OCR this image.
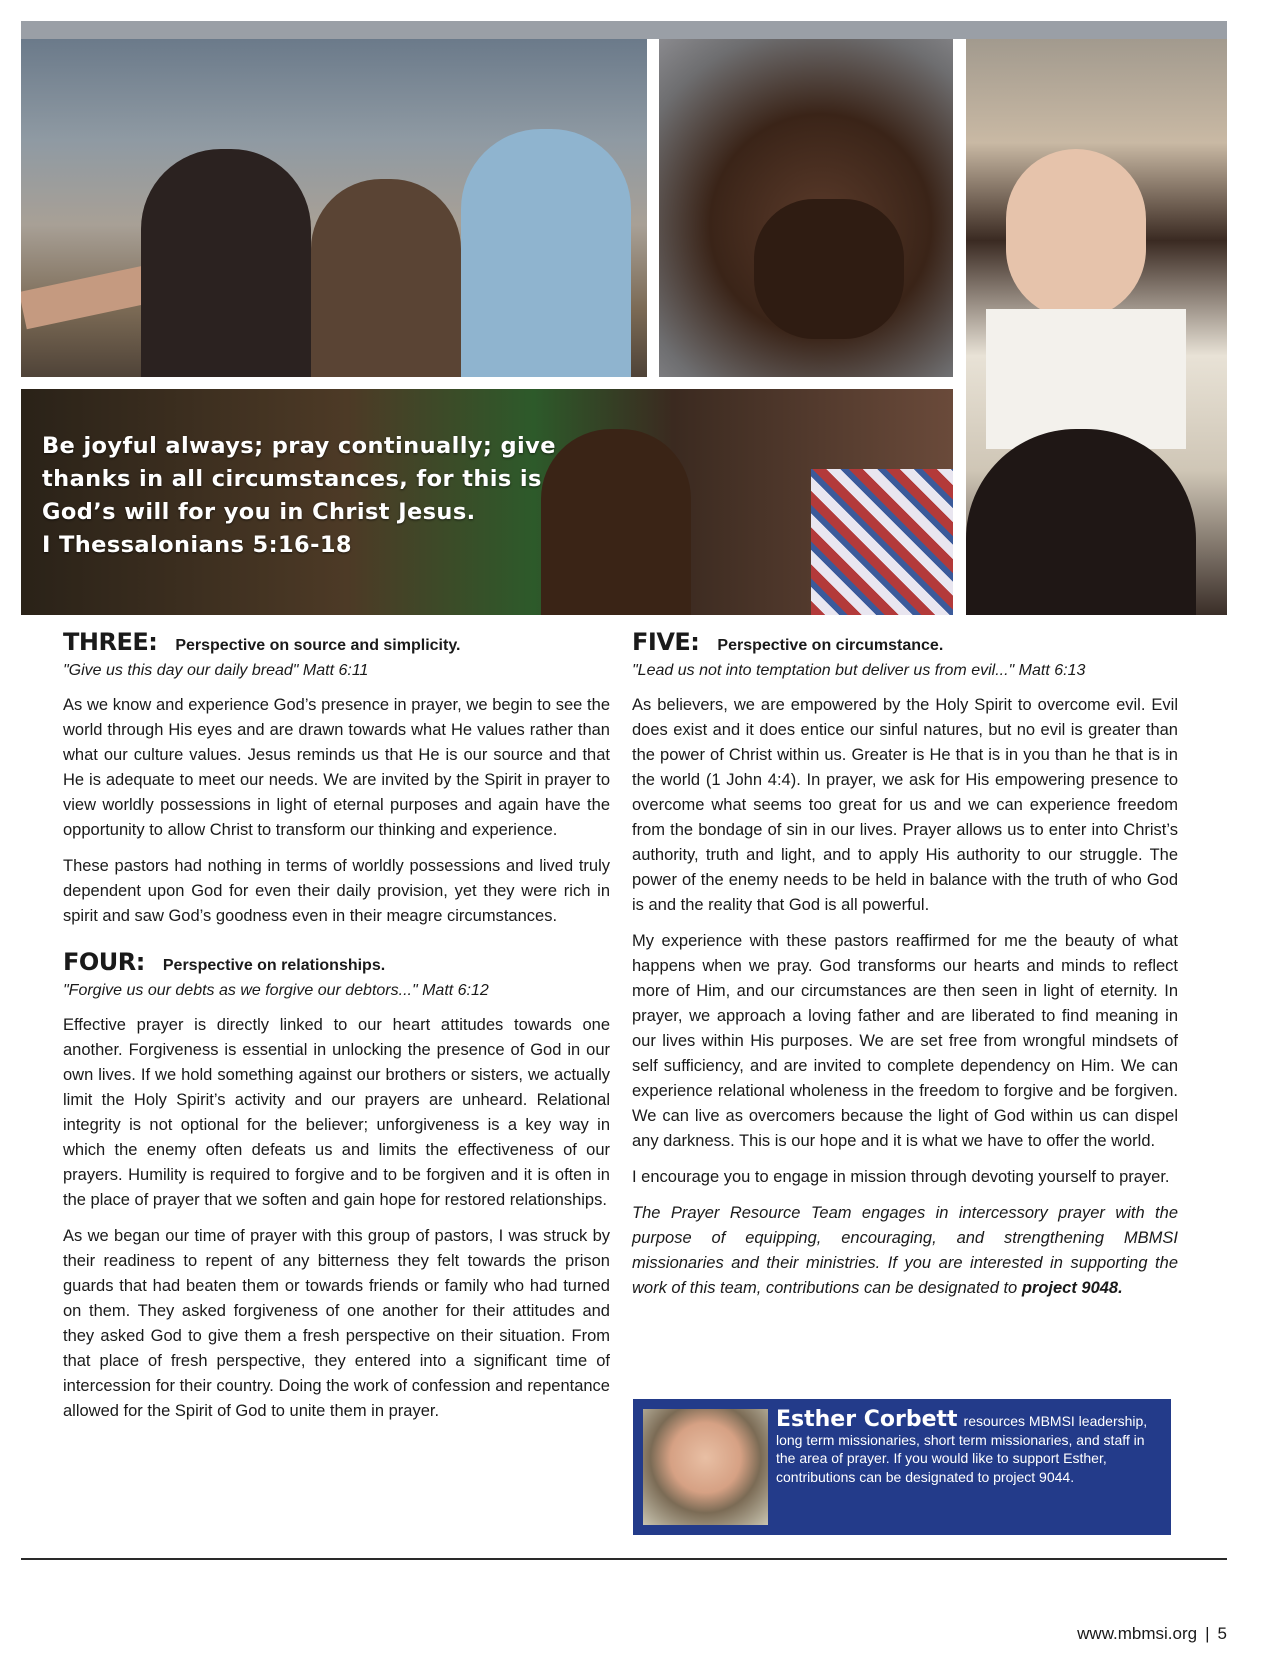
Be joyful always; pray continually; give
thanks in all circumstances, for this is
God’s will for you in Christ Jesus.
I Thessalonians 5:16-18
THREE: Perspective on source and simplicity.

"Give us this day our daily bread" Matt 6:11

As we know and experience God’s presence in prayer, we begin to see the world through His eyes and are drawn towards what He values rather than what our culture values. Jesus reminds us that He is our source and that He is adequate to meet our needs. We are invited by the Spirit in prayer to view worldly possessions in light of eternal purposes and again have the opportunity to allow Christ to transform our thinking and experience.

These pastors had nothing in terms of worldly possessions and lived truly dependent upon God for even their daily provision, yet they were rich in spirit and saw God’s goodness even in their meagre circumstances.

FOUR: Perspective on relationships.

"Forgive us our debts as we forgive our debtors..." Matt 6:12

Effective prayer is directly linked to our heart attitudes towards one another. Forgiveness is essential in unlocking the presence of God in our own lives. If we hold something against our brothers or sisters, we actually limit the Holy Spirit’s activity and our prayers are unheard. Relational integrity is not optional for the believer; unforgiveness is a key way in which the enemy often defeats us and limits the effectiveness of our prayers. Humility is required to forgive and to be forgiven and it is often in the place of prayer that we soften and gain hope for restored relationships.

As we began our time of prayer with this group of pastors, I was struck by their readiness to repent of any bitterness they felt towards the prison guards that had beaten them or towards friends or family who had turned on them. They asked forgiveness of one another for their attitudes and they asked God to give them a fresh perspective on their situation. From that place of fresh perspective, they entered into a significant time of intercession for their country. Doing the work of confession and repentance allowed for the Spirit of God to unite them in prayer.

FIVE: Perspective on circumstance.

"Lead us not into temptation but deliver us from evil..." Matt 6:13

As believers, we are empowered by the Holy Spirit to overcome evil. Evil does exist and it does entice our sinful natures, but no evil is greater than the power of Christ within us. Greater is He that is in you than he that is in the world (1 John 4:4). In prayer, we ask for His empowering presence to overcome what seems too great for us and we can experience freedom from the bondage of sin in our lives. Prayer allows us to enter into Christ’s authority, truth and light, and to apply His authority to our struggle. The power of the enemy needs to be held in balance with the truth of who God is and the reality that God is all powerful.

My experience with these pastors reaffirmed for me the beauty of what happens when we pray. God transforms our hearts and minds to reflect more of Him, and our circumstances are then seen in light of eternity. In prayer, we approach a loving father and are liberated to find meaning in our lives within His purposes. We are set free from wrongful mindsets of self sufficiency, and are invited to complete dependency on Him. We can experience relational wholeness in the freedom to forgive and be forgiven. We can live as overcomers because the light of God within us can dispel any darkness. This is our hope and it is what we have to offer the world.

I encourage you to engage in mission through devoting yourself to prayer.

The Prayer Resource Team engages in intercessory prayer with the purpose of equipping, encouraging, and strengthening MBMSI missionaries and their ministries. If you are interested in supporting the work of this team, contributions can be designated to project 9048.

Esther Corbett resources MBMSI leadership, long term missionaries, short term missionaries, and staff in the area of prayer. If you would like to support Esther, contributions can be designated to project 9044.
www.mbmsi.org | 5
